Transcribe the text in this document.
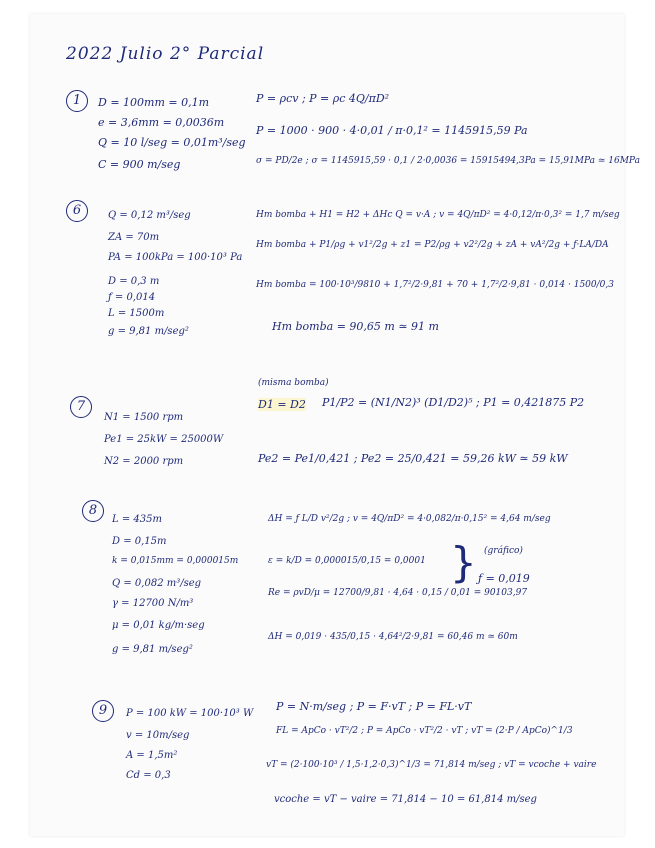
2022 Julio 2° Parcial
1	D = 100mm = 0,1m
e = 3,6mm = 0,0036m
Q = 10 l/seg = 0,01m³/seg
C = 900 m/seg
P = ρcv ; P = ρc 4Q/πD²
P = 1000 · 900 · 4·0,01 / π·0,1² = 1145915,59 Pa
σ = PD/2e ; σ = 1145915,59 · 0,1 / 2·0,0036 = 15915494,3Pa = 15,91MPa ≃ 16MPa
6	Q = 0,12 m³/seg
ZA = 70m
PA = 100kPa = 100·10³ Pa
D = 0,3 m
ƒ = 0,014
L = 1500m
g = 9,81 m/seg²
Hm bomba + H1 = H2 + ΔHc Q = v·A ; v = 4Q/πD² = 4·0,12/π·0,3² = 1,7 m/seg
Hm bomba + P1/ρg + v1²/2g + z1 = P2/ρg + v2²/2g + zA + vA²/2g + ƒ·LA/DA
Hm bomba = 100·10³/9810 + 1,7²/2·9,81 + 70 + 1,7²/2·9,81 · 0,014 · 1500/0,3
Hm bomba = 90,65 m ≃ 91 m
7
N1 = 1500 rpm
Pe1 = 25kW = 25000W
N2 = 2000 rpm
(misma bomba)
D1 = D2 P1/P2 = (N1/N2)³ (D1/D2)⁵ ; P1 = 0,421875 P2
Pe2 = Pe1/0,421 ; Pe2 = 25/0,421 = 59,26 kW ≃ 59 kW
8
L = 435m
D = 0,15m
k = 0,015mm = 0,000015m
Q = 0,082 m³/seg
γ = 12700 N/m³
μ = 0,01 kg/m·seg
g = 9,81 m/seg²
ΔH = ƒ L/D v²/2g ; v = 4Q/πD² = 4·0,082/π·0,15² = 4,64 m/seg
ε = k/D = 0,000015/0,15 = 0,0001
Re = ρvD/μ = 12700/9,81 · 4,64 · 0,15 / 0,01 = 90103,97
} (gráfico)
ƒ = 0,019
ΔH = 0,019 · 435/0,15 · 4,64²/2·9,81 = 60,46 m ≃ 60m
9	P = 100 kW = 100·10³ W
v = 10m/seg
A = 1,5m²
Cd = 0,3
P = N·m/seg ; P = F·vT ; P = FL·vT
FL = ApCo · vT²/2 ; P = ApCo · vT²/2 · vT ; vT = (2·P / ApCo)^1/3
vT = (2·100·10³ / 1,5·1,2·0,3)^1/3 = 71,814 m/seg ; vT = vcoche + vaire
vcoche = vT − vaire = 71,814 − 10 = 61,814 m/seg
